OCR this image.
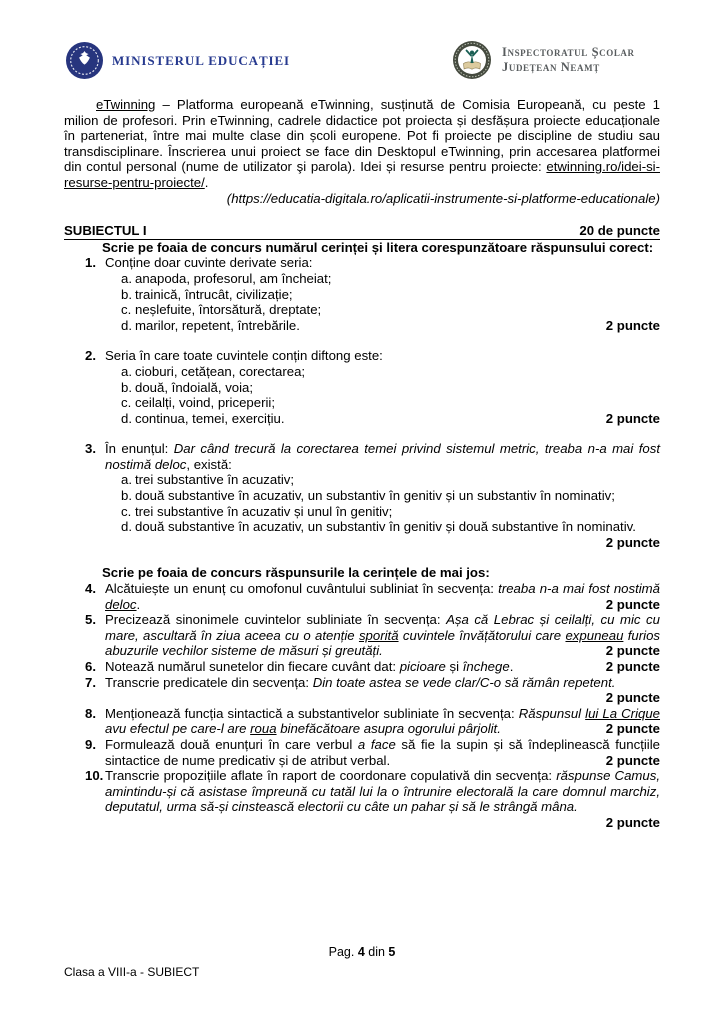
MINISTERUL EDUCAȚIEI
Inspectoratul Școlar
Județean Neamț

eTwinning – Platforma europeană eTwinning, susținută de Comisia Europeană, cu peste 1 milion de profesori. Prin eTwinning, cadrele didactice pot proiecta și desfășura proiecte educaționale în parteneriat, între mai multe clase din școli europene. Pot fi proiecte pe discipline de studiu sau transdisciplinare. Înscrierea unui proiect se face din Desktopul eTwinning, prin accesarea platformei din contul personal (nume de utilizator şi parola). Idei și resurse pentru proiecte: etwinning.ro/idei-si-resurse-pentru-proiecte/.

(https://educatia-digitala.ro/aplicatii-instrumente-si-platforme-educationale)

SUBIECTUL I	20 de puncte

Scrie pe foaia de concurs numărul cerinței și litera corespunzătoare răspunsului corect:

1. Conține doar cuvinte derivate seria:
a. anapoda, profesorul, am încheiat;
b. trainică, întrucât, civilizație;
c. neșlefuite, întorsătură, dreptate;
d. marilor, repetent, întrebările.	2 puncte
2. Seria în care toate cuvintele conțin diftong este:
a. cioburi, cetățean, corectarea;
b. două, îndoială, voia;
c. ceilalți, voind, priceperii;
d. continua, temei, exercițiu.	2 puncte
3. În enunțul: Dar când trecură la corectarea temei privind sistemul metric, treaba n-a mai fost nostimă deloc, există:
a. trei substantive în acuzativ;
b. două substantive în acuzativ, un substantiv în genitiv și un substantiv în nominativ;
c. trei substantive în acuzativ și unul în genitiv;
d. două substantive în acuzativ, un substantiv în genitiv și două substantive în nominativ.
2 puncte

Scrie pe foaia de concurs răspunsurile la cerințele de mai jos:

4. Alcătuiește un enunț cu omofonul cuvântului subliniat în secvența: treaba n-a mai fost nostimă deloc.	2 puncte
5. Precizează sinonimele cuvintelor subliniate în secvența: Așa că Lebrac și ceilalți, cu mic cu mare, ascultară în ziua aceea cu o atenție sporită cuvintele învățătorului care expuneau furios abuzurile vechilor sisteme de măsuri și greutăți.	2 puncte
6. Notează numărul sunetelor din fiecare cuvânt dat: picioare și închege.	2 puncte
7. Transcrie predicatele din secvența: Din toate astea se vede clar/C-o să rămân repetent.
2 puncte
8. Menționează funcția sintactică a substantivelor subliniate în secvența: Răspunsul lui La Crique avu efectul pe care-l are roua binefăcătoare asupra ogorului pârjolit.	2 puncte
9. Formulează două enunțuri în care verbul a face să fie la supin și să îndeplinească funcțiile sintactice de nume predicativ și de atribut verbal.	2 puncte
10. Transcrie propozițiile aflate în raport de coordonare copulativă din secvența: răspunse Camus, amintindu-și că asistase împreună cu tatăl lui la o întrunire electorală la care domnul marchiz, deputatul, urma să-și cinstească electorii cu câte un pahar și să le strângă mâna.
2 puncte
Pag. 4 din 5
Clasa a VIII-a - SUBIECT
